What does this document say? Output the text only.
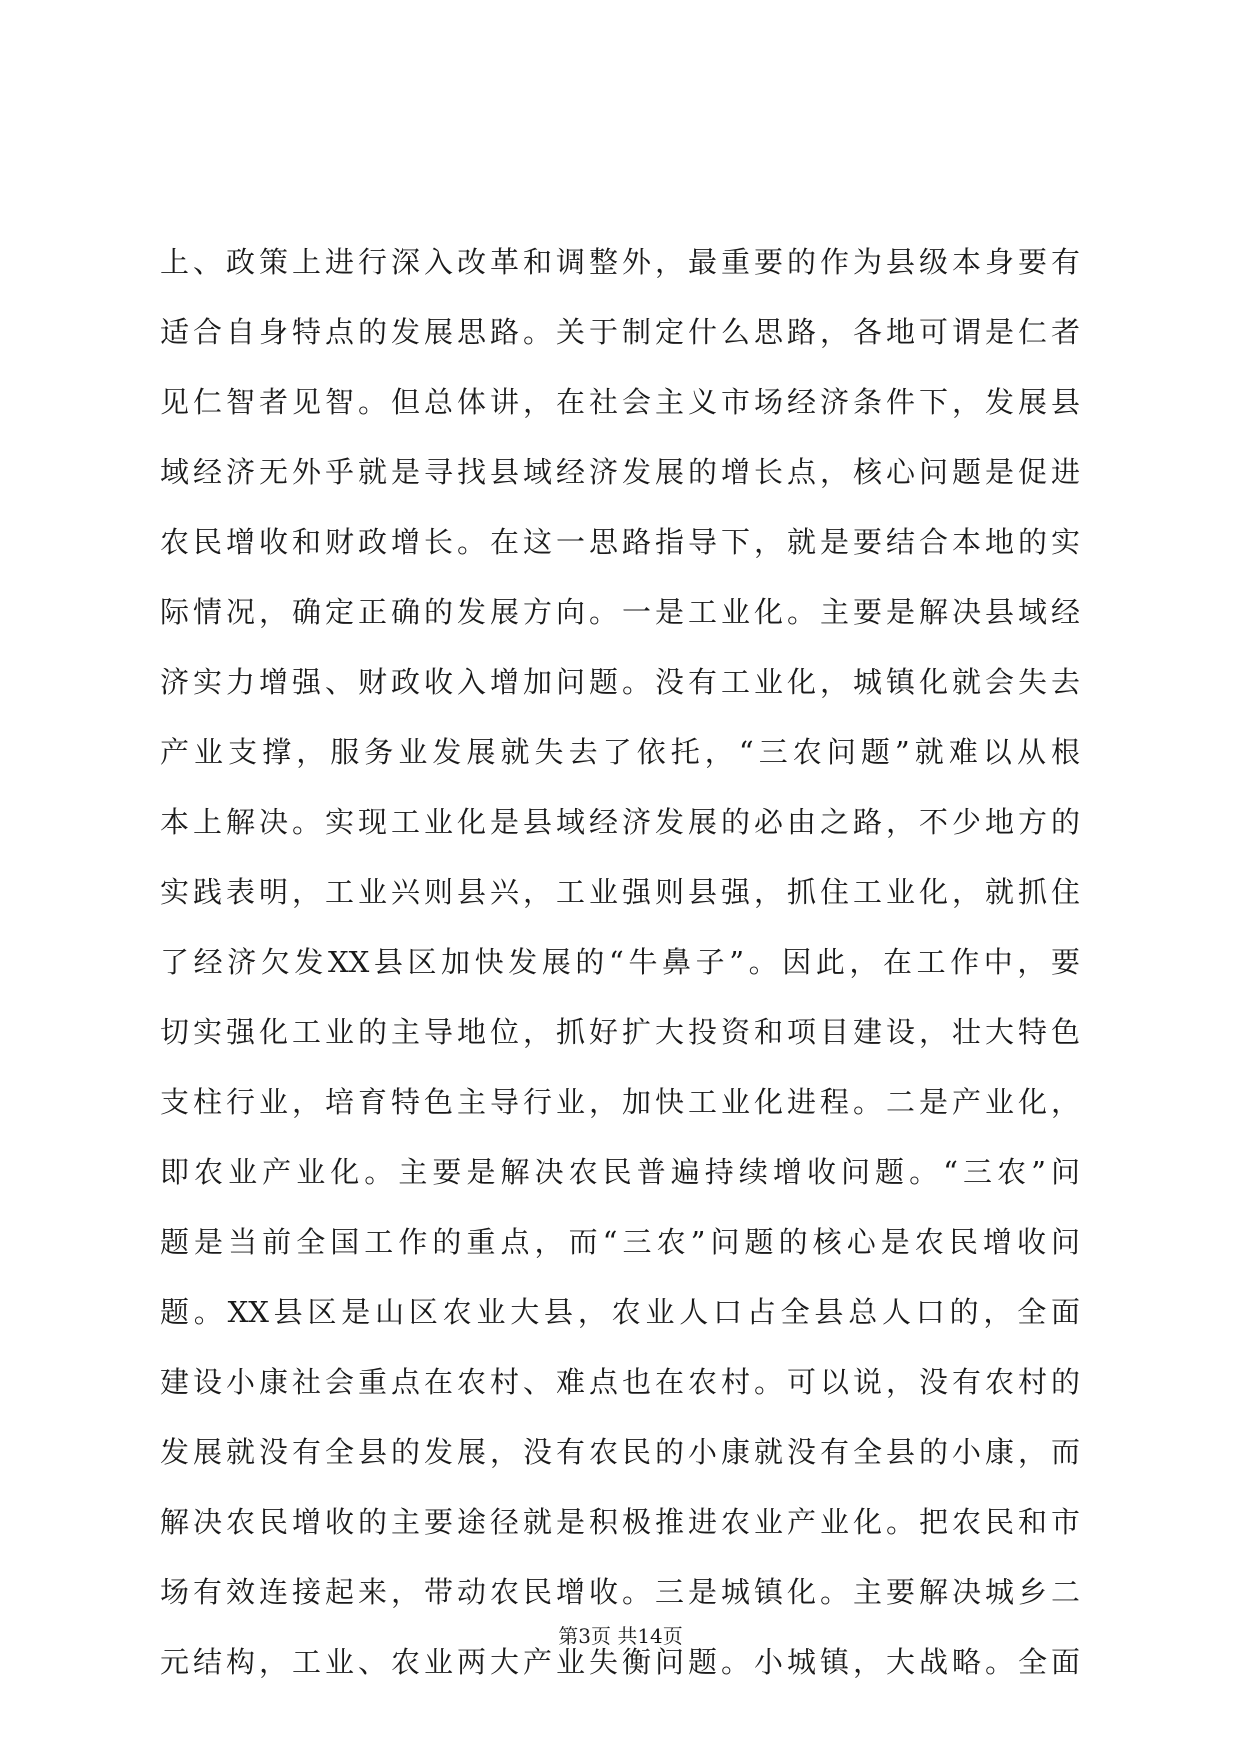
上、政策上进行深入改革和调整外，最重要的作为县级本身要有
适合自身特点的发展思路。关于制定什么思路，各地可谓是仁者
见仁智者见智。但总体讲，在社会主义市场经济条件下，发展县
域经济无外乎就是寻找县域经济发展的增长点，核心问题是促进
农民增收和财政增长。在这一思路指导下，就是要结合本地的实
际情况，确定正确的发展方向。一是工业化。主要是解决县域经
济实力增强、财政收入增加问题。没有工业化，城镇化就会失去
产业支撑，服务业发展就失去了依托，“三农问题”就难以从根
本上解决。实现工业化是县域经济发展的必由之路，不少地方的
实践表明，工业兴则县兴，工业强则县强，抓住工业化，就抓住
了经济欠发XX县区加快发展的“牛鼻子”。因此，在工作中，要
切实强化工业的主导地位，抓好扩大投资和项目建设，壮大特色
支柱行业，培育特色主导行业，加快工业化进程。二是产业化，
即农业产业化。主要是解决农民普遍持续增收问题。“三农”问
题是当前全国工作的重点，而“三农”问题的核心是农民增收问
题。XX县区是山区农业大县，农业人口占全县总人口的，全面
建设小康社会重点在农村、难点也在农村。可以说，没有农村的
发展就没有全县的发展，没有农民的小康就没有全县的小康，而
解决农民增收的主要途径就是积极推进农业产业化。把农民和市
场有效连接起来，带动农民增收。三是城镇化。主要解决城乡二
元结构，工业、农业两大产业失衡问题。小城镇，大战略。全面
第3页 共14页
